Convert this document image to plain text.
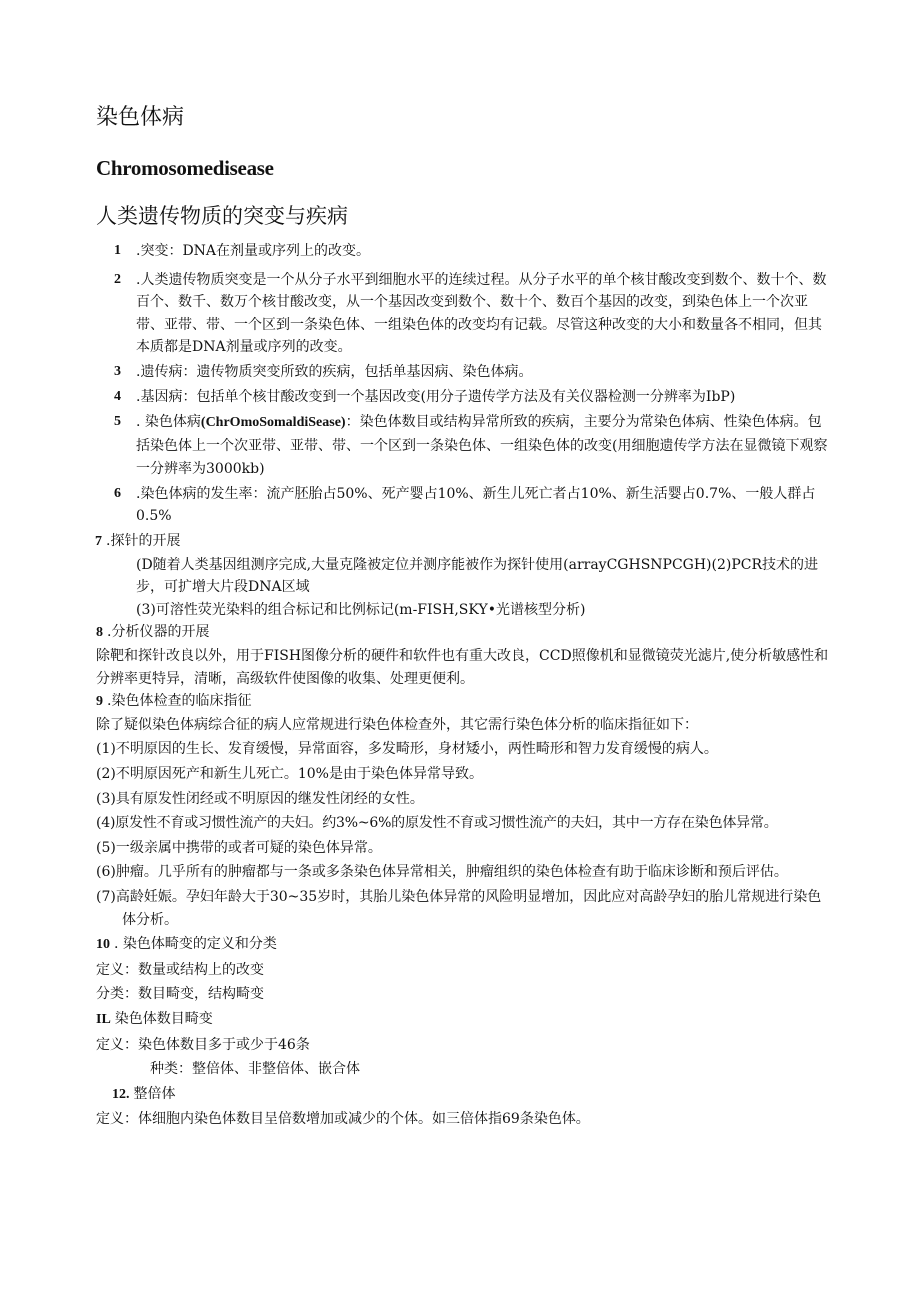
染色体病
Chromosomedisease
人类遗传物质的突变与疾病
1 .突变：DNA在剂量或序列上的改变。
2 .人类遗传物质突变是一个从分子水平到细胞水平的连续过程。从分子水平的单个核甘酸改变到数个、数十个、数百个、数千、数万个核甘酸改变，从一个基因改变到数个、数十个、数百个基因的改变，到染色体上一个次亚带、亚带、带、一个区到一条染色体、一组染色体的改变均有记载。尽管这种改变的大小和数量各不相同，但其本质都是DNA剂量或序列的改变。
3 .遗传病：遗传物质突变所致的疾病，包括单基因病、染色体病。
4 .基因病：包括单个核甘酸改变到一个基因改变(用分子遗传学方法及有关仪器检测一分辨率为IbP)
5 . 染色体病(ChrOmoSomaldiSease)：染色体数目或结构异常所致的疾病，主要分为常染色体病、性染色体病。包括染色体上一个次亚带、亚带、带、一个区到一条染色体、一组染色体的改变(用细胞遗传学方法在显微镜下观察一分辨率为3000kb)
6 .染色体病的发生率：流产胚胎占50%、死产婴占10%、新生儿死亡者占10%、新生活婴占0.7%、一般人群占0.5%
7 .探针的开展
(D随着人类基因组测序完成,大量克隆被定位并测序能被作为探针使用(arrayCGHSNPCGH)(2)PCR技术的进步，可扩增大片段DNA区域
(3)可溶性荧光染料的组合标记和比例标记(m-FISH,SKY•光谱核型分析)
8 .分析仪器的开展
除靶和探针改良以外，用于FISH图像分析的硬件和软件也有重大改良，CCD照像机和显微镜荧光滤片,使分析敏感性和分辨率更特异，清晰，高级软件使图像的收集、处理更便利。
9 .染色体检查的临床指征
除了疑似染色体病综合征的病人应常规进行染色体检查外，其它需行染色体分析的临床指征如下：
(1)不明原因的生长、发育缓慢，异常面容，多发畸形，身材矮小，两性畸形和智力发育缓慢的病人。
(2)不明原因死产和新生儿死亡。10%是由于染色体异常导致。
(3)具有原发性闭经或不明原因的继发性闭经的女性。
(4)原发性不育或习惯性流产的夫妇。约3%~6%的原发性不育或习惯性流产的夫妇，其中一方存在染色体异常。
(5)一级亲属中携带的或者可疑的染色体异常。
(6)肿瘤。几乎所有的肿瘤都与一条或多条染色体异常相关，肿瘤组织的染色体检查有助于临床诊断和预后评估。
(7)高龄妊娠。孕妇年龄大于30~35岁时，其胎儿染色体异常的风险明显增加，因此应对高龄孕妇的胎儿常规进行染色体分析。
10 . 染色体畸变的定义和分类
定义：数量或结构上的改变
分类：数目畸变，结构畸变
IL 染色体数目畸变
定义：染色体数目多于或少于46条
种类：整倍体、非整倍体、嵌合体
12. 整倍体
定义：体细胞内染色体数目呈倍数增加或减少的个体。如三倍体指69条染色体。
